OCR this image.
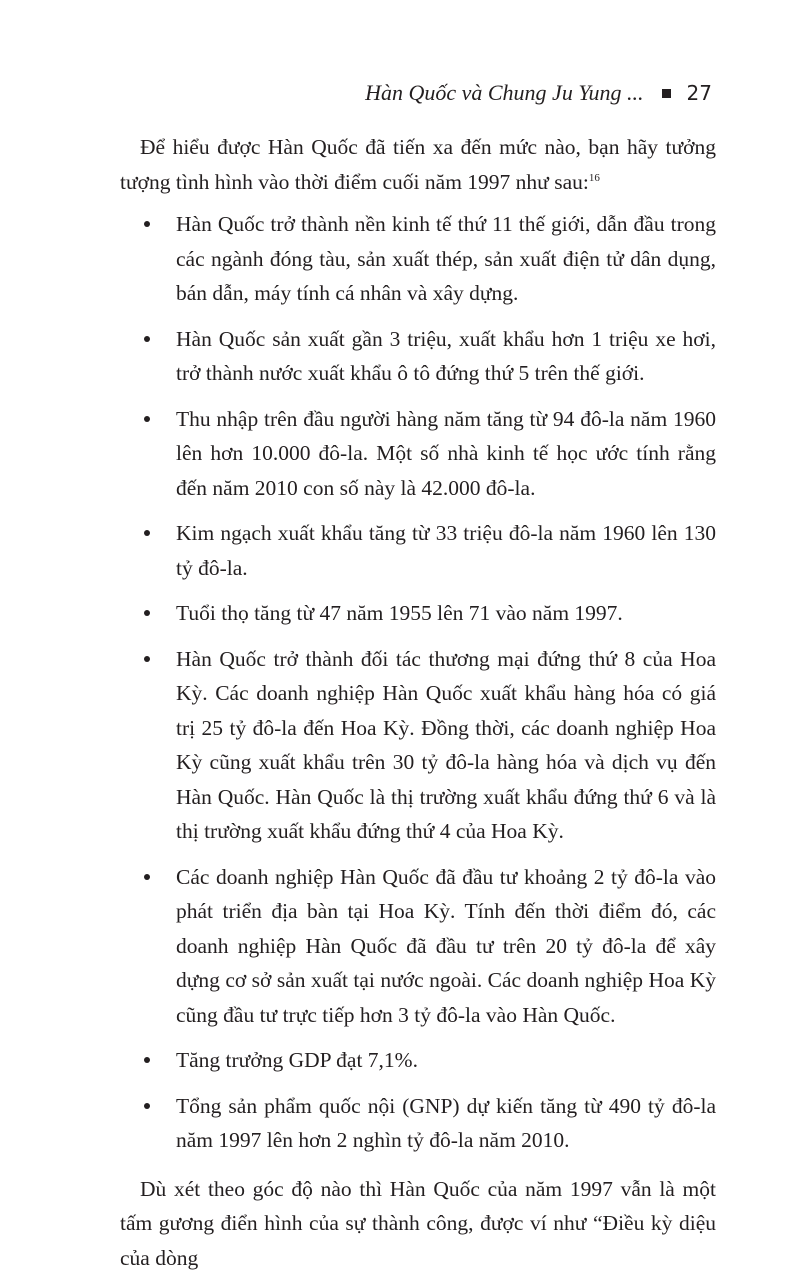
Hàn Quốc và Chung Ju Yung ... 27

Để hiểu được Hàn Quốc đã tiến xa đến mức nào, bạn hãy tưởng tượng tình hình vào thời điểm cuối năm 1997 như sau:$^{16}$

Hàn Quốc trở thành nền kinh tế thứ 11 thế giới, dẫn đầu trong các ngành đóng tàu, sản xuất thép, sản xuất điện tử dân dụng, bán dẫn, máy tính cá nhân và xây dựng.
Hàn Quốc sản xuất gần 3 triệu, xuất khẩu hơn 1 triệu xe hơi, trở thành nước xuất khẩu ô tô đứng thứ 5 trên thế giới.
Thu nhập trên đầu người hàng năm tăng từ 94 đô-la năm 1960 lên hơn 10.000 đô-la. Một số nhà kinh tế học ước tính rằng đến năm 2010 con số này là 42.000 đô-la.
Kim ngạch xuất khẩu tăng từ 33 triệu đô-la năm 1960 lên 130 tỷ đô-la.
Tuổi thọ tăng từ 47 năm 1955 lên 71 vào năm 1997.
Hàn Quốc trở thành đối tác thương mại đứng thứ 8 của Hoa Kỳ. Các doanh nghiệp Hàn Quốc xuất khẩu hàng hóa có giá trị 25 tỷ đô-la đến Hoa Kỳ. Đồng thời, các doanh nghiệp Hoa Kỳ cũng xuất khẩu trên 30 tỷ đô-la hàng hóa và dịch vụ đến Hàn Quốc. Hàn Quốc là thị trường xuất khẩu đứng thứ 6 và là thị trường xuất khẩu đứng thứ 4 của Hoa Kỳ.
Các doanh nghiệp Hàn Quốc đã đầu tư khoảng 2 tỷ đô-la vào phát triển địa bàn tại Hoa Kỳ. Tính đến thời điểm đó, các doanh nghiệp Hàn Quốc đã đầu tư trên 20 tỷ đô-la để xây dựng cơ sở sản xuất tại nước ngoài. Các doanh nghiệp Hoa Kỳ cũng đầu tư trực tiếp hơn 3 tỷ đô-la vào Hàn Quốc.
Tăng trưởng GDP đạt 7,1%.
Tổng sản phẩm quốc nội (GNP) dự kiến tăng từ 490 tỷ đô-la năm 1997 lên hơn 2 nghìn tỷ đô-la năm 2010.

Dù xét theo góc độ nào thì Hàn Quốc của năm 1997 vẫn là một tấm gương điển hình của sự thành công, được ví như “Điều kỳ diệu của dòng
